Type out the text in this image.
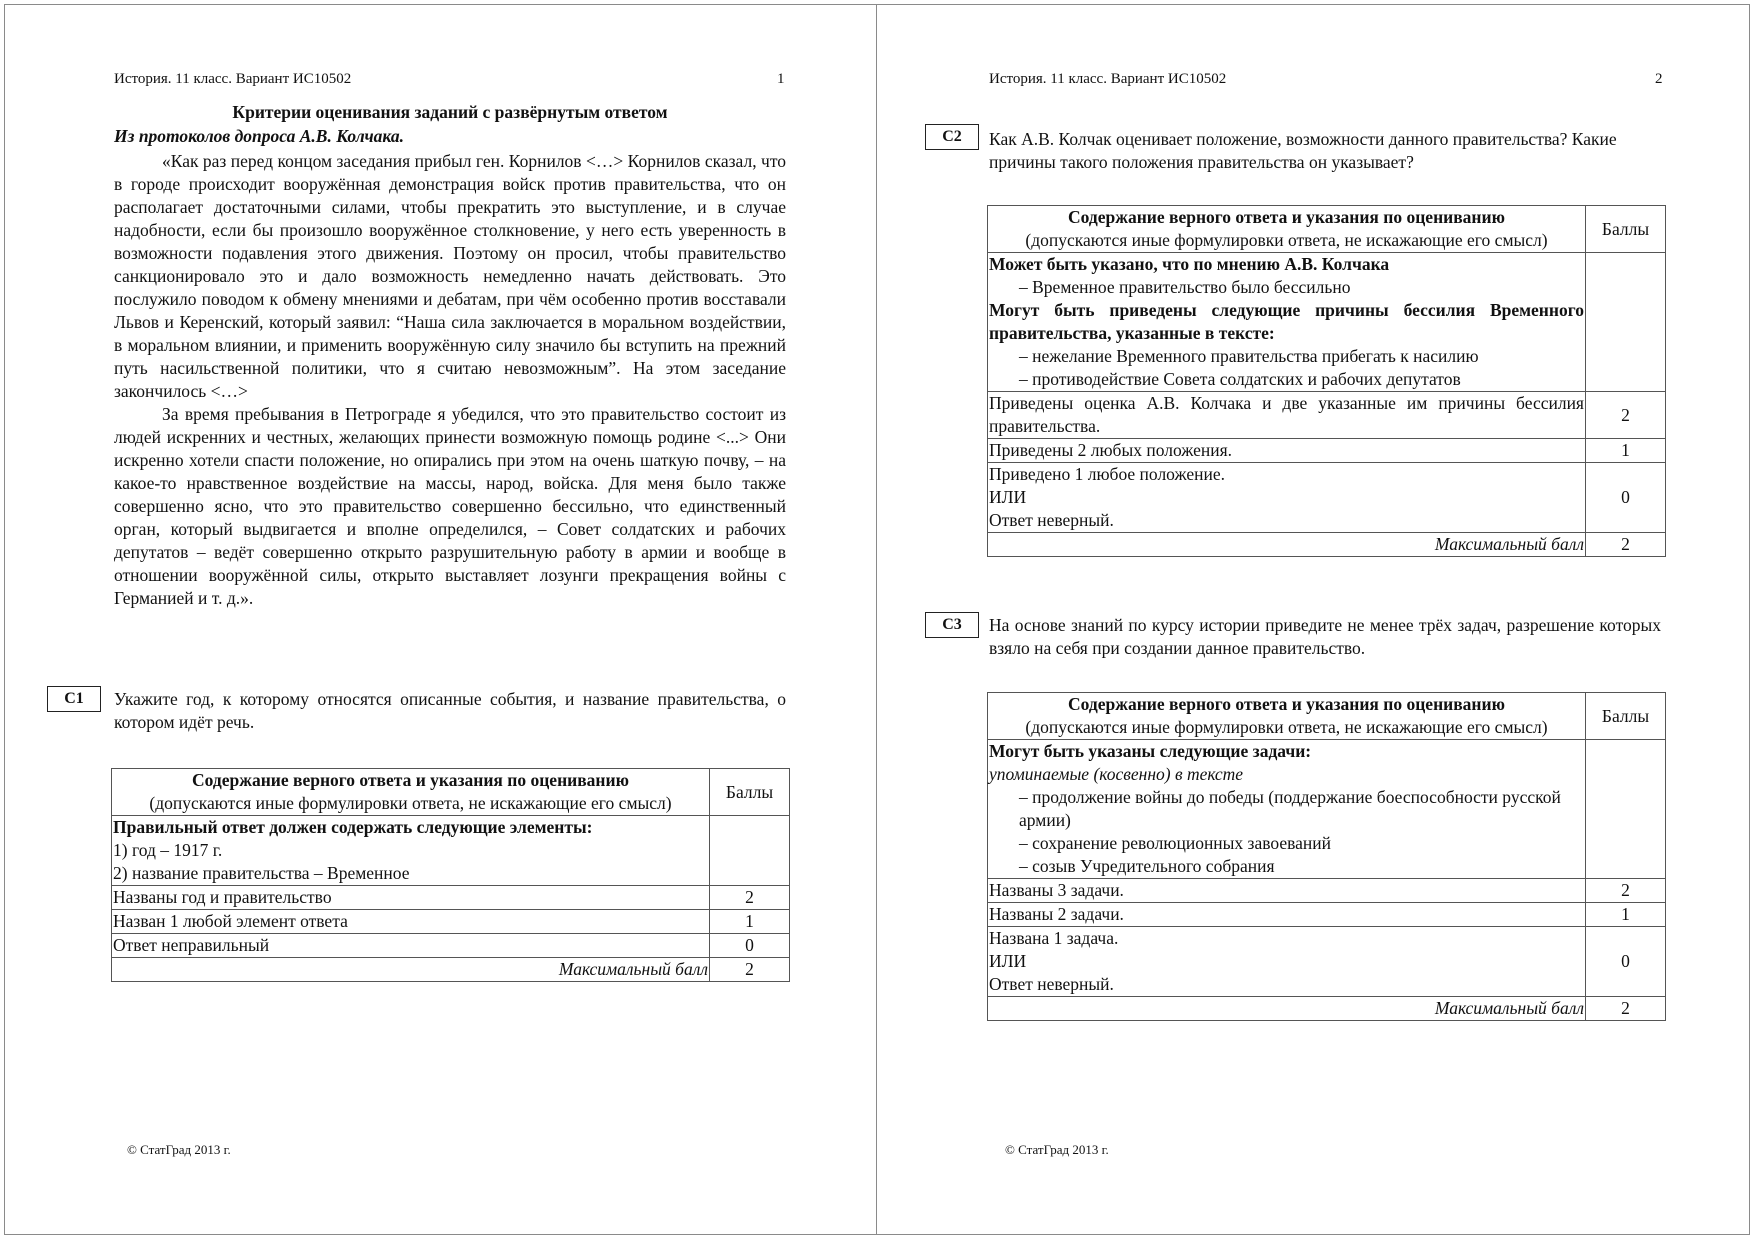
История. 11 класс. Вариант ИС10502	1
Критерии оценивания заданий с развёрнутым ответом
Из протоколов допроса А.В. Колчака.

«Как раз перед концом заседания прибыл ген. Корнилов <…> Корнилов сказал, что в городе происходит вооружённая демонстрация войск против правительства, что он располагает достаточными силами, чтобы прекратить это выступление, и в случае надобности, если бы произошло вооружённое столкновение, у него есть уверенность в возможности подавления этого движения. Поэтому он просил, чтобы правительство санкционировало это и дало возможность немедленно начать действовать. Это послужило поводом к обмену мнениями и дебатам, при чём особенно против восставали Львов и Керенский, который заявил: “Наша сила заключается в моральном воздействии, в моральном влиянии, и применить вооружённую силу значило бы вступить на прежний путь насильственной политики, что я считаю невозможным”. На этом заседание закончилось <…>

За время пребывания в Петрограде я убедился, что это правительство состоит из людей искренних и честных, желающих принести возможную помощь родине <...> Они искренно хотели спасти положение, но опирались при этом на очень шаткую почву, – на какое-то нравственное воздействие на массы, народ, войска. Для меня было также совершенно ясно, что это правительство совершенно бессильно, что единственный орган, который выдвигается и вполне определился, – Совет солдатских и рабочих депутатов – ведёт совершенно открыто разрушительную работу в армии и вообще в отношении вооружённой силы, открыто выставляет лозунги прекращения войны с Германией и т. д.».

C1	Укажите год, к которому относятся описанные события, и название правительства, о котором идёт речь.
Содержание верного ответа и указания по оцениванию
(допускаются иные формулировки ответа, не искажающие его смысл)	Баллы
Правильный ответ должен содержать следующие элементы:
1) год – 1917 г.
2) название правительства – Временное	
Названы год и правительство	2
Назван 1 любой элемент ответа	1
Ответ неправильный	0
Максимальный балл	2
© СтатГрад 2013 г.
История. 11 класс. Вариант ИС10502	2
C2	Как А.В. Колчак оценивает положение, возможности данного правительства? Какие причины такого положения правительства он указывает?
Содержание верного ответа и указания по оцениванию
(допускаются иные формулировки ответа, не искажающие его смысл)	Баллы
Может быть указано, что по мнению А.В. Колчака

– Временное правительство было бессильно
Могут быть приведены следующие причины бессилия Временного правительства, указанные в тексте:
– нежелание Временного правительства прибегать к насилию
– противодействие Совета солдатских и рабочих депутатов	

Приведены оценка А.В. Колчака и две указанные им причины бессилия правительства.	2
Приведены 2 любых положения.	1
Приведено 1 любое положение.
ИЛИ
Ответ неверный.	0
Максимальный балл	2
C3	На основе знаний по курсу истории приведите не менее трёх задач, разрешение которых взяло на себя при создании данное правительство.
Содержание верного ответа и указания по оцениванию
(допускаются иные формулировки ответа, не искажающие его смысл)	Баллы
Могут быть указаны следующие задачи:
упоминаемые (косвенно) в тексте
– продолжение войны до победы (поддержание боеспособности русской армии)
– сохранение революционных завоеваний
– созыв Учредительного собрания	

Названы 3 задачи.	2
Названы 2 задачи.	1
Названа 1 задача.
ИЛИ
Ответ неверный.	0
Максимальный балл	2
© СтатГрад 2013 г.
